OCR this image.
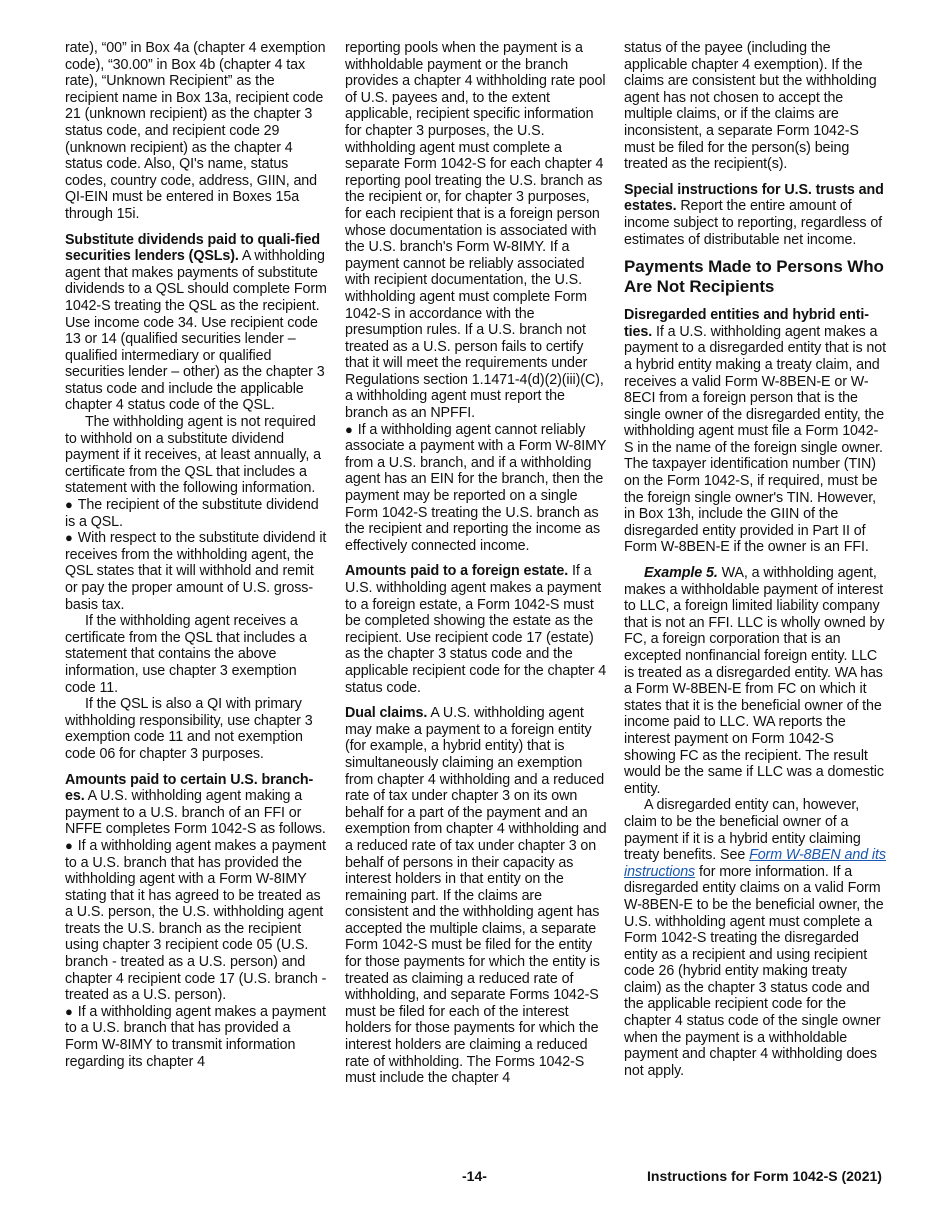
rate), “00” in Box 4a (chapter 4 exemption code), “30.00” in Box 4b (chapter 4 tax rate), “Unknown Recipient” as the recipient name in Box 13a, recipient code 21 (unknown recipient) as the chapter 3 status code, and recipient code 29 (unknown recipient) as the chapter 4 status code. Also, QI's name, status codes, country code, address, GIIN, and QI-EIN must be entered in Boxes 15a through 15i.

Substitute dividends paid to quali-fied securities lenders (QSLs). A withholding agent that makes payments of substitute dividends to a QSL should complete Form 1042-S treating the QSL as the recipient. Use income code 34. Use recipient code 13 or 14 (qualified securities lender – qualified intermediary or qualified securities lender – other) as the chapter 3 status code and include the applicable chapter 4 status code of the QSL.

The withholding agent is not required to withhold on a substitute dividend payment if it receives, at least annually, a certificate from the QSL that includes a statement with the following information.

● The recipient of the substitute dividend is a QSL.

● With respect to the substitute dividend it receives from the withholding agent, the QSL states that it will withhold and remit or pay the proper amount of U.S. gross-basis tax.

If the withholding agent receives a certificate from the QSL that includes a statement that contains the above information, use chapter 3 exemption code 11.

If the QSL is also a QI with primary withholding responsibility, use chapter 3 exemption code 11 and not exemption code 06 for chapter 3 purposes.

Amounts paid to certain U.S. branch-es. A U.S. withholding agent making a payment to a U.S. branch of an FFI or NFFE completes Form 1042-S as follows.

● If a withholding agent makes a payment to a U.S. branch that has provided the withholding agent with a Form W-8IMY stating that it has agreed to be treated as a U.S. person, the U.S. withholding agent treats the U.S. branch as the recipient using chapter 3 recipient code 05 (U.S. branch - treated as a U.S. person) and chapter 4 recipient code 17 (U.S. branch - treated as a U.S. person).

● If a withholding agent makes a payment to a U.S. branch that has provided a Form W-8IMY to transmit information regarding its chapter 4

reporting pools when the payment is a withholdable payment or the branch provides a chapter 4 withholding rate pool of U.S. payees and, to the extent applicable, recipient specific information for chapter 3 purposes, the U.S. withholding agent must complete a separate Form 1042-S for each chapter 4 reporting pool treating the U.S. branch as the recipient or, for chapter 3 purposes, for each recipient that is a foreign person whose documentation is associated with the U.S. branch's Form W-8IMY. If a payment cannot be reliably associated with recipient documentation, the U.S. withholding agent must complete Form 1042-S in accordance with the presumption rules. If a U.S. branch not treated as a U.S. person fails to certify that it will meet the requirements under Regulations section 1.1471-4(d)(2)(iii)(C), a withholding agent must report the branch as an NPFFI.

● If a withholding agent cannot reliably associate a payment with a Form W-8IMY from a U.S. branch, and if a withholding agent has an EIN for the branch, then the payment may be reported on a single Form 1042-S treating the U.S. branch as the recipient and reporting the income as effectively connected income.

Amounts paid to a foreign estate. If a U.S. withholding agent makes a payment to a foreign estate, a Form 1042-S must be completed showing the estate as the recipient. Use recipient code 17 (estate) as the chapter 3 status code and the applicable recipient code for the chapter 4 status code.

Dual claims. A U.S. withholding agent may make a payment to a foreign entity (for example, a hybrid entity) that is simultaneously claiming an exemption from chapter 4 withholding and a reduced rate of tax under chapter 3 on its own behalf for a part of the payment and an exemption from chapter 4 withholding and a reduced rate of tax under chapter 3 on behalf of persons in their capacity as interest holders in that entity on the remaining part. If the claims are consistent and the withholding agent has accepted the multiple claims, a separate Form 1042-S must be filed for the entity for those payments for which the entity is treated as claiming a reduced rate of withholding, and separate Forms 1042-S must be filed for each of the interest holders for those payments for which the interest holders are claiming a reduced rate of withholding. The Forms 1042-S must include the chapter 4

status of the payee (including the applicable chapter 4 exemption). If the claims are consistent but the withholding agent has not chosen to accept the multiple claims, or if the claims are inconsistent, a separate Form 1042-S must be filed for the person(s) being treated as the recipient(s).

Special instructions for U.S. trusts and estates. Report the entire amount of income subject to reporting, regardless of estimates of distributable net income.

Payments Made to Persons Who Are Not Recipients

Disregarded entities and hybrid enti-ties. If a U.S. withholding agent makes a payment to a disregarded entity that is not a hybrid entity making a treaty claim, and receives a valid Form W-8BEN-E or W-8ECI from a foreign person that is the single owner of the disregarded entity, the withholding agent must file a Form 1042-S in the name of the foreign single owner. The taxpayer identification number (TIN) on the Form 1042-S, if required, must be the foreign single owner's TIN. However, in Box 13h, include the GIIN of the disregarded entity provided in Part II of Form W-8BEN-E if the owner is an FFI.

Example 5. WA, a withholding agent, makes a withholdable payment of interest to LLC, a foreign limited liability company that is not an FFI. LLC is wholly owned by FC, a foreign corporation that is an excepted nonfinancial foreign entity. LLC is treated as a disregarded entity. WA has a Form W-8BEN-E from FC on which it states that it is the beneficial owner of the income paid to LLC. WA reports the interest payment on Form 1042-S showing FC as the recipient. The result would be the same if LLC was a domestic entity.

A disregarded entity can, however, claim to be the beneficial owner of a payment if it is a hybrid entity claiming treaty benefits. See Form W-8BEN and its instructions for more information. If a disregarded entity claims on a valid Form W-8BEN-E to be the beneficial owner, the U.S. withholding agent must complete a Form 1042-S treating the disregarded entity as a recipient and using recipient code 26 (hybrid entity making treaty claim) as the chapter 3 status code and the applicable recipient code for the chapter 4 status code of the single owner when the payment is a withholdable payment and chapter 4 withholding does not apply.

-14-	Instructions for Form 1042-S (2021)
